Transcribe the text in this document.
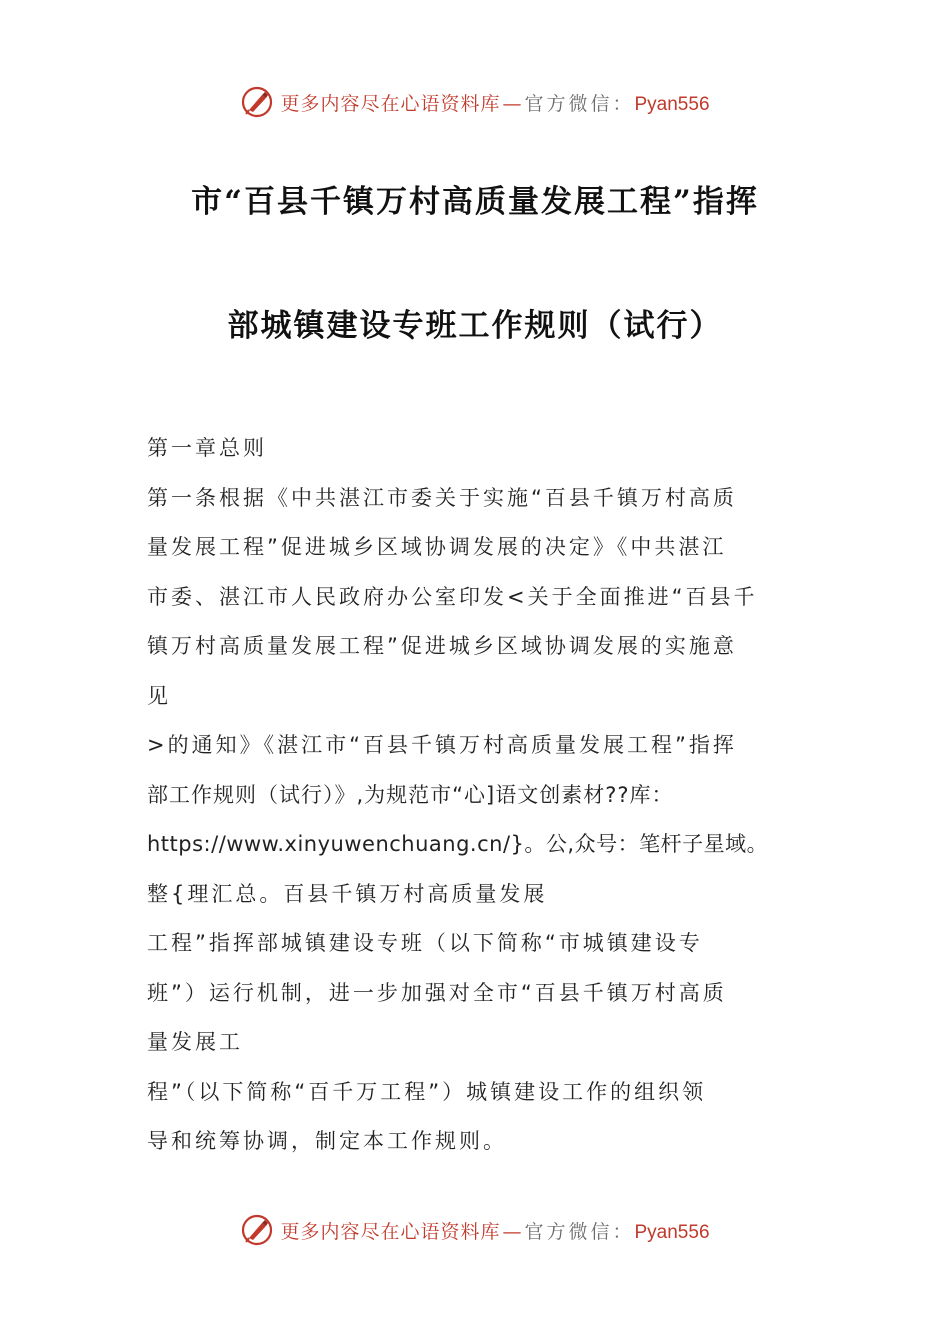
更多内容尽在心语资料库 — 官方微信：Pyan556
市“百县千镇万村高质量发展工程”指挥
部城镇建设专班工作规则（试行）
第一章总则
第一条根据《中共湛江市委关于实施“百县千镇万村高质
量发展工程”促进城乡区域协调发展的决定》《中共湛江
市委、湛江市人民政府办公室印发<关于全面推进“百县千
镇万村高质量发展工程”促进城乡区域协调发展的实施意
见
>的通知》《湛江市“百县千镇万村高质量发展工程”指挥
部工作规则（试行）》,为规范市“心]语文创素材??库：
https://www.xinyuwenchuang.cn/}。公,众号：笔杆子星域。
整{理汇总。百县千镇万村高质量发展
工程”指挥部城镇建设专班（以下简称“市城镇建设专
班”）运行机制，进一步加强对全市“百县千镇万村高质
量发展工
程”（以下简称“百千万工程”）城镇建设工作的组织领
导和统筹协调，制定本工作规则。
更多内容尽在心语资料库 — 官方微信：Pyan556
